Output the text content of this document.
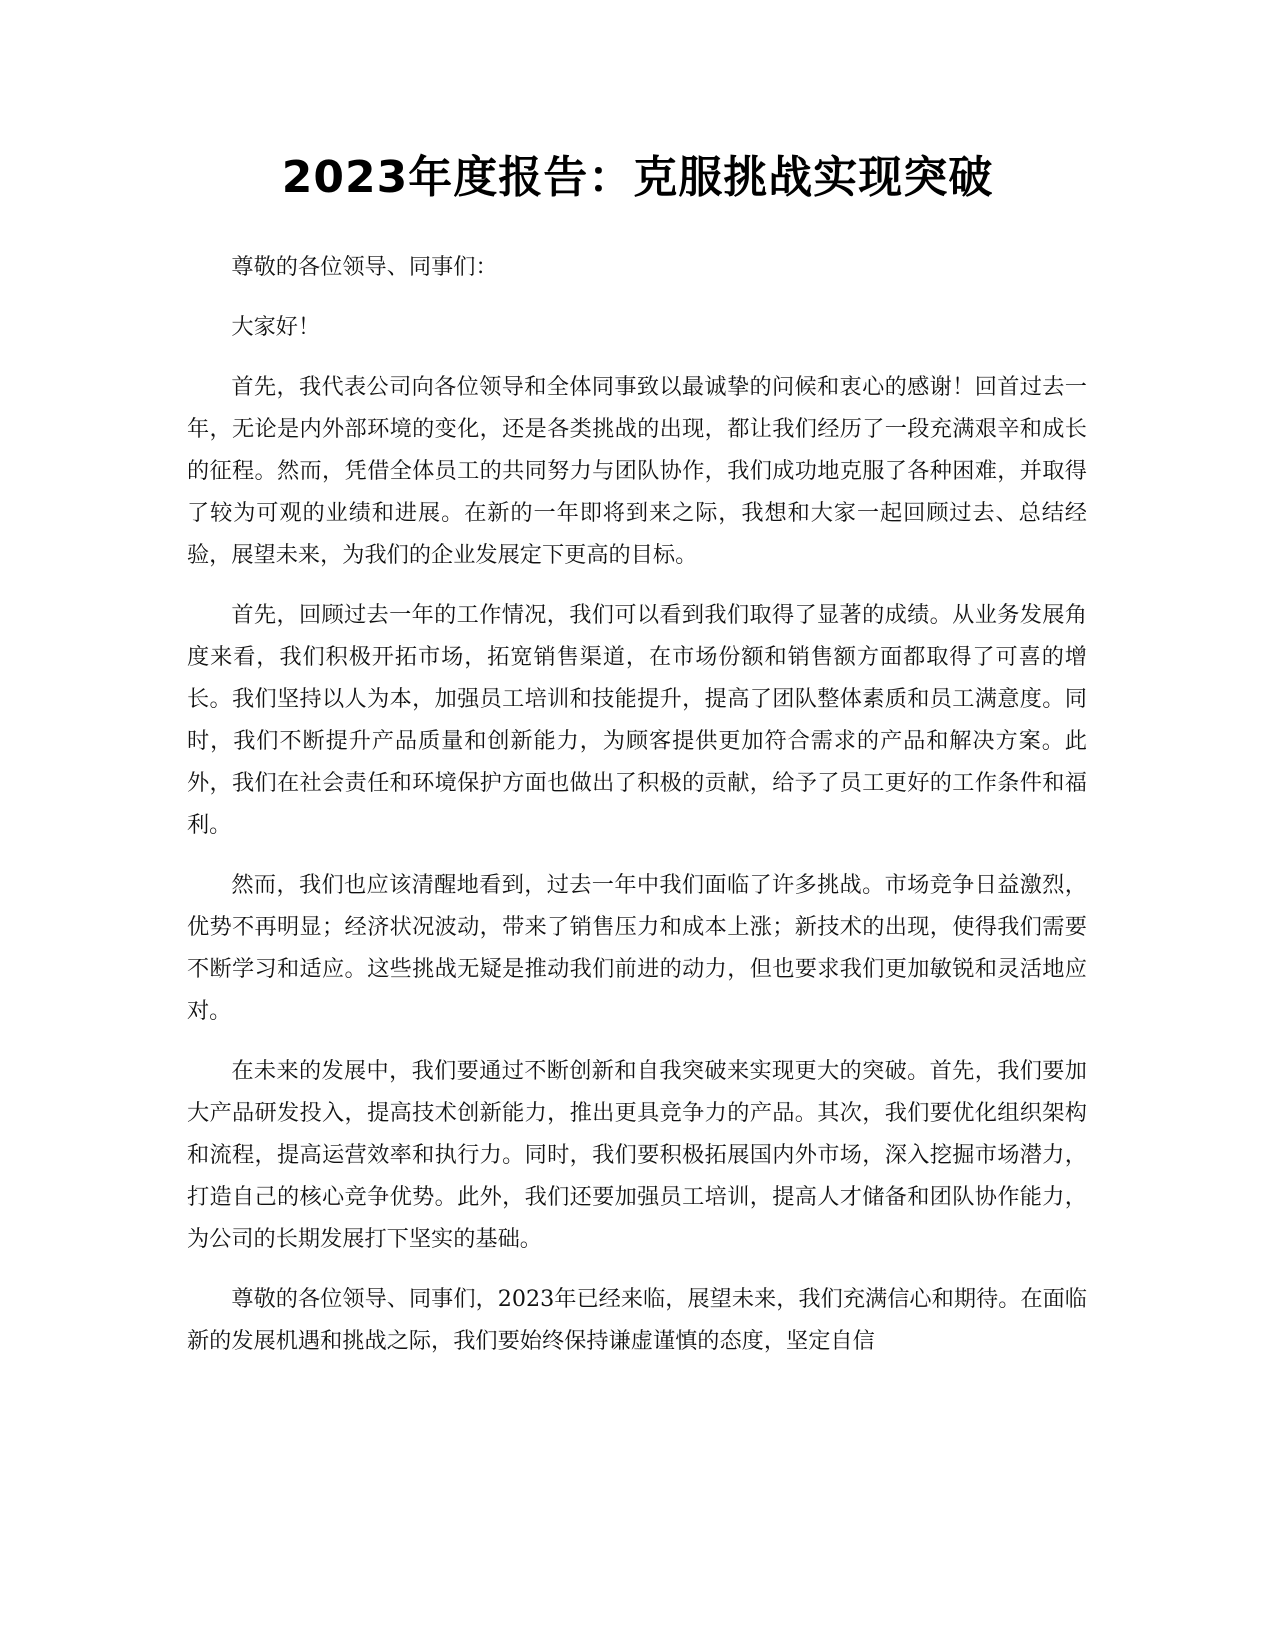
2023年度报告：克服挑战实现突破

尊敬的各位领导、同事们：

大家好！

首先，我代表公司向各位领导和全体同事致以最诚挚的问候和衷心的感谢！回首过去一年，无论是内外部环境的变化，还是各类挑战的出现，都让我们经历了一段充满艰辛和成长的征程。然而，凭借全体员工的共同努力与团队协作，我们成功地克服了各种困难，并取得了较为可观的业绩和进展。在新的一年即将到来之际，我想和大家一起回顾过去、总结经验，展望未来，为我们的企业发展定下更高的目标。

首先，回顾过去一年的工作情况，我们可以看到我们取得了显著的成绩。从业务发展角度来看，我们积极开拓市场，拓宽销售渠道，在市场份额和销售额方面都取得了可喜的增长。我们坚持以人为本，加强员工培训和技能提升，提高了团队整体素质和员工满意度。同时，我们不断提升产品质量和创新能力，为顾客提供更加符合需求的产品和解决方案。此外，我们在社会责任和环境保护方面也做出了积极的贡献，给予了员工更好的工作条件和福利。

然而，我们也应该清醒地看到，过去一年中我们面临了许多挑战。市场竞争日益激烈，优势不再明显；经济状况波动，带来了销售压力和成本上涨；新技术的出现，使得我们需要不断学习和适应。这些挑战无疑是推动我们前进的动力，但也要求我们更加敏锐和灵活地应对。

在未来的发展中，我们要通过不断创新和自我突破来实现更大的突破。首先，我们要加大产品研发投入，提高技术创新能力，推出更具竞争力的产品。其次，我们要优化组织架构和流程，提高运营效率和执行力。同时，我们要积极拓展国内外市场，深入挖掘市场潜力，打造自己的核心竞争优势。此外，我们还要加强员工培训，提高人才储备和团队协作能力，为公司的长期发展打下坚实的基础。

尊敬的各位领导、同事们，2023年已经来临，展望未来，我们充满信心和期待。在面临新的发展机遇和挑战之际，我们要始终保持谦虚谨慎的态度，坚定自信
